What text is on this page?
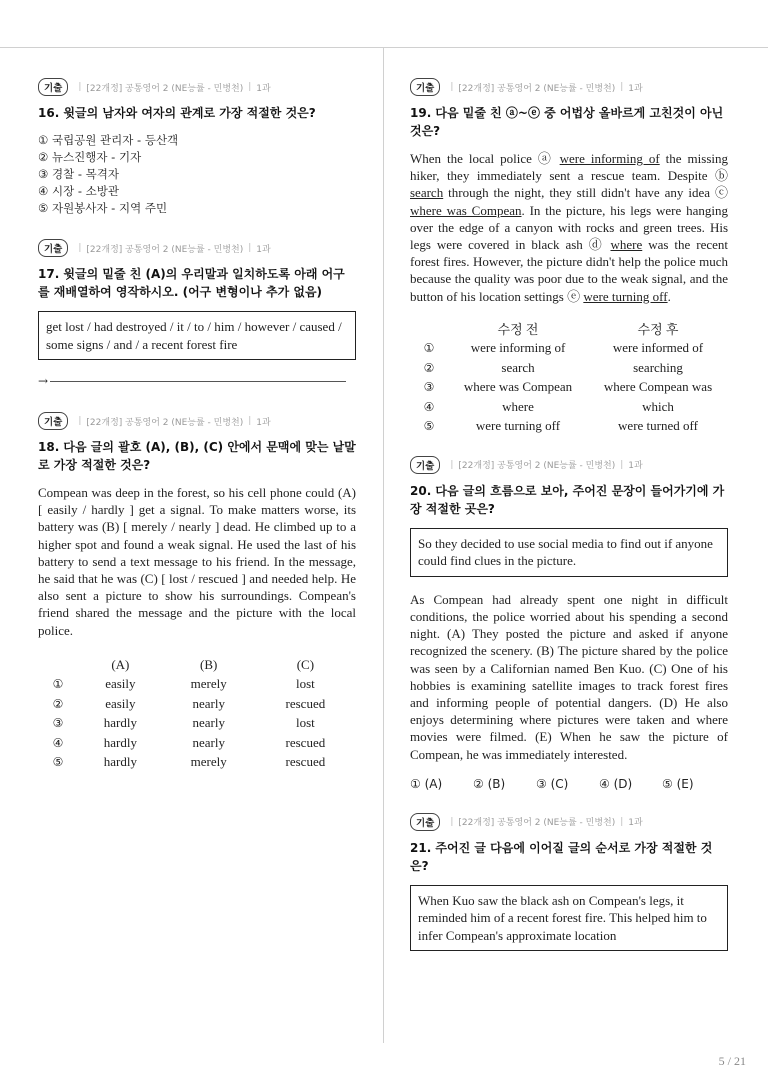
기출	| [22개정] 공통영어 2 (NE능률 - 민병천) | 1과
16. 윗글의 남자와 여자의 관계로 가장 적절한 것은?
① 국립공원 관리자 - 등산객
② 뉴스진행자 - 기자
③ 경찰 - 목격자
④ 시장 - 소방관
⑤ 자원봉사자 - 지역 주민
기출	| [22개정] 공통영어 2 (NE능률 - 민병천) | 1과
17. 윗글의 밑줄 친 (A)의 우리말과 일치하도록 아래 어구를 재배열하여 영작하시오. (어구 변형이나 추가 없음)
get lost / had destroyed / it / to / him / however / caused / some signs / and / a recent forest fire
→
기출	| [22개정] 공통영어 2 (NE능률 - 민병천) | 1과
18. 다음 글의 괄호 (A), (B), (C) 안에서 문맥에 맞는 낱말로 가장 적절한 것은?

Compean was deep in the forest, so his cell phone could (A) [ easily / hardly ] get a signal. To make matters worse, its battery was (B) [ merely / nearly ] dead. He climbed up to a higher spot and found a weak signal. He used the last of his battery to send a text message to his friend. In the message, he said that he was (C) [ lost / rescued ] and needed help. He also sent a picture to show his surroundings. Compean's friend shared the message and the picture with the local police.

	(A)	(B)	(C)
①	easily	merely	lost
②	easily	nearly	rescued
③	hardly	nearly	lost
④	hardly	nearly	rescued
⑤	hardly	merely	rescued
기출	| [22개정] 공통영어 2 (NE능률 - 민병천) | 1과
19. 다음 밑줄 친 ⓐ~ⓔ 중 어법상 올바르게 고친것이 아닌 것은?

When the local police ⓐ were informing of the missing hiker, they immediately sent a rescue team. Despite ⓑ search through the night, they still didn't have any idea ⓒ where was Compean. In the picture, his legs were hanging over the edge of a canyon with rocks and green trees. His legs were covered in black ash ⓓ where was the recent forest fires. However, the picture didn't help the police much because the quality was poor due to the weak signal, and the button of his location settings ⓔ were turning off.

	수정 전	수정 후
①	were informing of	were informed of
②	search	searching
③	where was Compean	where Compean was
④	where	which
⑤	were turning off	were turned off
기출	| [22개정] 공통영어 2 (NE능률 - 민병천) | 1과
20. 다음 글의 흐름으로 보아, 주어진 문장이 들어가기에 가장 적절한 곳은?
So they decided to use social media to find out if anyone could find clues in the picture.

As Compean had already spent one night in difficult conditions, the police worried about his spending a second night. (A) They posted the picture and asked if anyone recognized the scenery. (B) The picture shared by the police was seen by a Californian named Ben Kuo. (C) One of his hobbies is examining satellite images to track forest fires and informing people of potential dangers. (D) He also enjoys determining where pictures were taken and where movies were filmed. (E) When he saw the picture of Compean, he was immediately interested.

① (A)	② (B)	③ (C)	④ (D)	⑤ (E)
기출	| [22개정] 공통영어 2 (NE능률 - 민병천) | 1과
21. 주어진 글 다음에 이어질 글의 순서로 가장 적절한 것은?
When Kuo saw the black ash on Compean's legs, it reminded him of a recent forest fire. This helped him to infer Compean's approximate location
5 / 21
